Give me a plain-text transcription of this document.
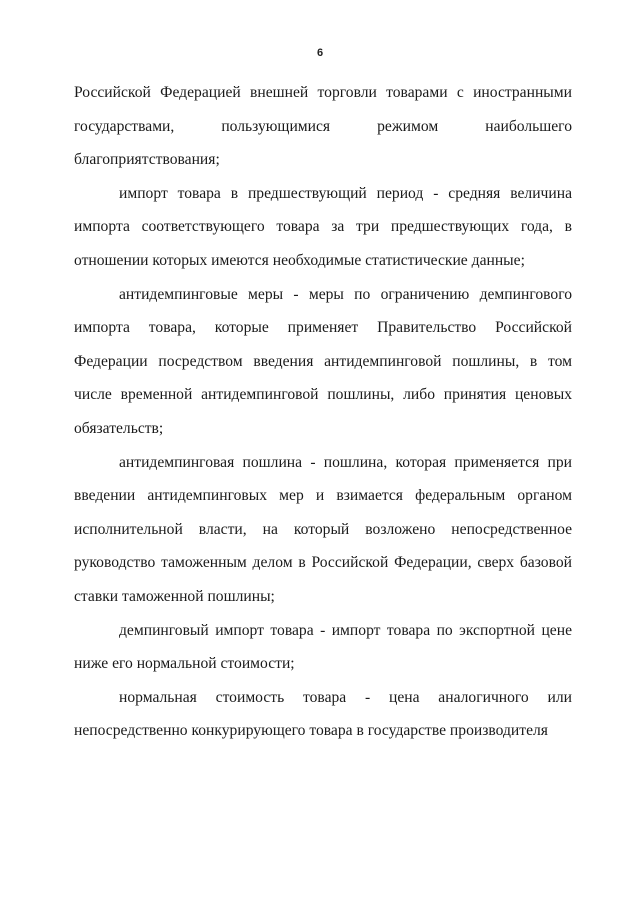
6

Российской Федерацией внешней торговли товарами с иностранными государствами, пользующимися режимом наибольшего благоприятствования;

импорт товара в предшествующий период - средняя величина импорта соответствующего товара за три предшествующих года, в отношении которых имеются необходимые статистические данные;

антидемпинговые меры - меры по ограничению демпингового импорта товара, которые применяет Правительство Российской Федерации посредством введения антидемпинговой пошлины, в том числе временной антидемпинговой пошлины, либо принятия ценовых обязательств;

антидемпинговая пошлина - пошлина, которая применяется при введении антидемпинговых мер и взимается федеральным органом исполнительной власти, на который возложено непосредственное руководство таможенным делом в Российской Федерации, сверх базовой ставки таможенной пошлины;

демпинговый импорт товара - импорт товара по экспортной цене ниже его нормальной стоимости;

нормальная стоимость товара - цена аналогичного или непосредственно конкурирующего товара в государстве производителя
